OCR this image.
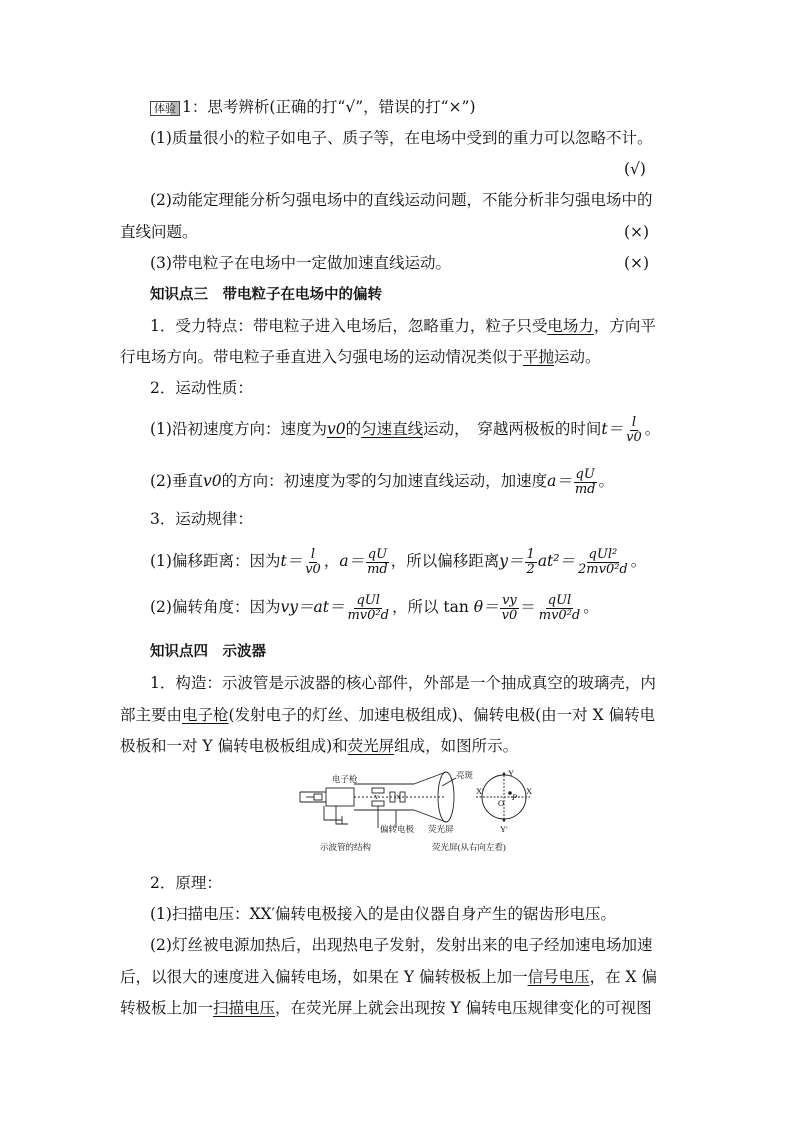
体验 1：思考辨析(正确的打“√”，错误的打“×”)
(1)质量很小的粒子如电子、质子等，在电场中受到的重力可以忽略不计。
(√)
(2)动能定理能分析匀强电场中的直线运动问题，不能分析非匀强电场中的
直线问题。	(×)
(3)带电粒子在电场中一定做加速直线运动。	(×)
知识点三　带电粒子在电场中的偏转
1．受力特点：带电粒子进入电场后，忽略重力，粒子只受电场力，方向平
行电场方向。带电粒子垂直进入匀强电场的运动情况类似于平抛运动。
2．运动性质：
(1)沿初速度方向：速度为v0的匀速直线运动，　穿越两极板的时间$t= \frac{l}{v0}$ 。
(2)垂直v0的方向：初速度为零的匀加速直线运动，加速度$a= \frac{qU}{md}$ 。
3．运动规律：
(1)偏移距离：因为$t= \frac{l}{v0}$ ，$a= \frac{qU}{md}$ ，所以偏移距离$y= \frac{1}{2} at^2= \frac{\text{qUl²}}{\text{2mv0²d}}$ 。
(2)偏转角度：因为$vy=at= \frac{\text{qUl}}{\text{mv0²d}}$ ，所以 $\tan \theta= \frac{vy}{v0} = \frac{\text{qUl}}{\text{mv0²d}}$ 。
知识点四　示波器
1．构造：示波管是示波器的核心部件，外部是一个抽成真空的玻璃壳，内
部主要由电子枪(发射电子的灯丝、加速电极组成)、偏转电极(由一对 X 偏转电
极板和一对 Y 偏转电极板组成)和荧光屏组成，如图所示。
电子枪	亮斑
偏转电极 荧光屏
示波管的结构	荧光屏(从右向左看)
Y
Y′
X
X′
P
O
Y	X
2．原理：
(1)扫描电压：XX′偏转电极接入的是由仪器自身产生的锯齿形电压。
(2)灯丝被电源加热后，出现热电子发射，发射出来的电子经加速电场加速
后，以很大的速度进入偏转电场，如果在 Y 偏转极板上加一信号电压，在 X 偏
转极板上加一扫描电压，在荧光屏上就会出现按 Y 偏转电压规律变化的可视图
